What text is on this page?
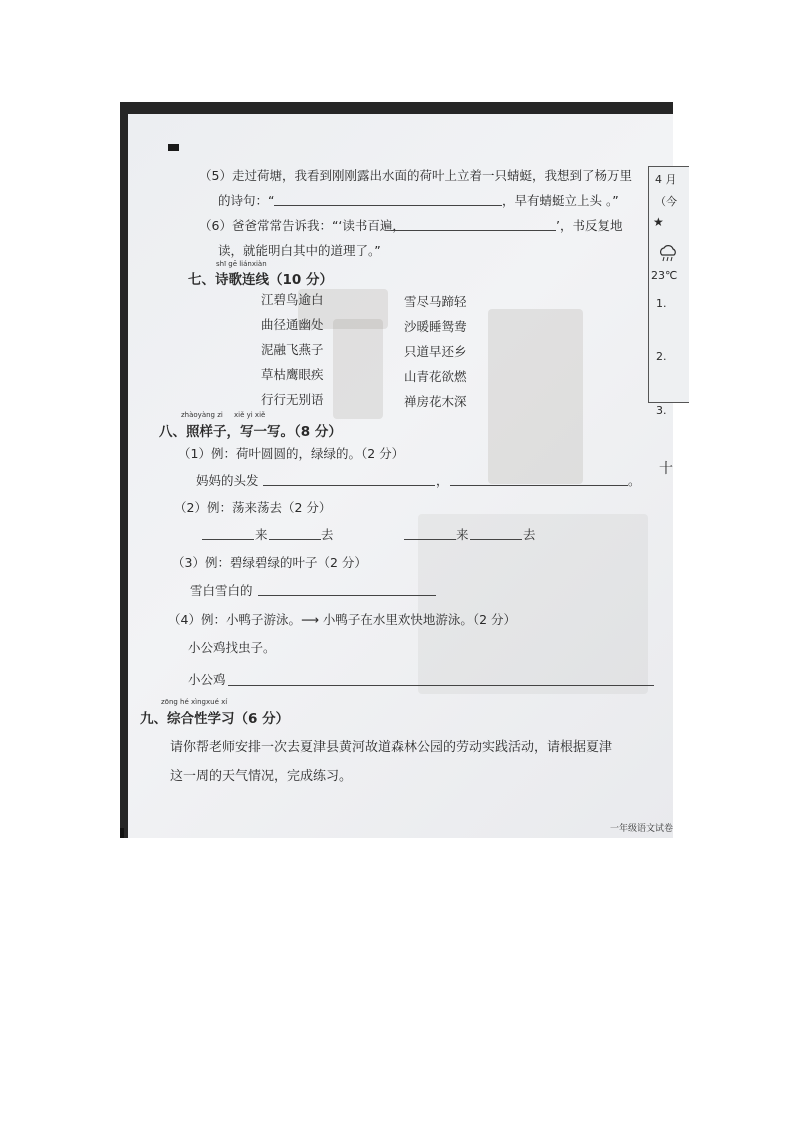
（5）走过荷塘，我看到刚刚露出水面的荷叶上立着一只蜻蜓，我想到了杨万里
的诗句：“	，早有蜻蜓立上头 。”
（6）爸爸常常告诉我：“‘读书百遍，	’，书反复地
读，就能明白其中的道理了。”
shī gē liánxiàn
七、诗歌连线（10 分）
江碧鸟逾白
曲径通幽处
泥融飞燕子
草枯鹰眼疾
行行无别语
雪尽马蹄轻
沙暖睡鸳鸯
只道早还乡
山青花欲燃
禅房花木深
zhàoyàng zi xiě yi xiě
八、照样子，写一写。（8 分）
（1）例：荷叶圆圆的，绿绿的。（2 分）
妈妈的头发	，	。
（2）例：荡来荡去（2 分）
来	去	来	去
（3）例：碧绿碧绿的叶子（2 分）
雪白雪白的
（4）例：小鸭子游泳。⟶ 小鸭子在水里欢快地游泳。（2 分）
小公鸡找虫子。
小公鸡
zōng hé xìngxué xí
九、综合性学习（6 分）
请你帮老师安排一次去夏津县黄河故道森林公园的劳动实践活动，请根据夏津
这一周的天气情况，完成练习。
4 月
（今
★
23℃
1.
2.
3.
十
一年级语文试卷
